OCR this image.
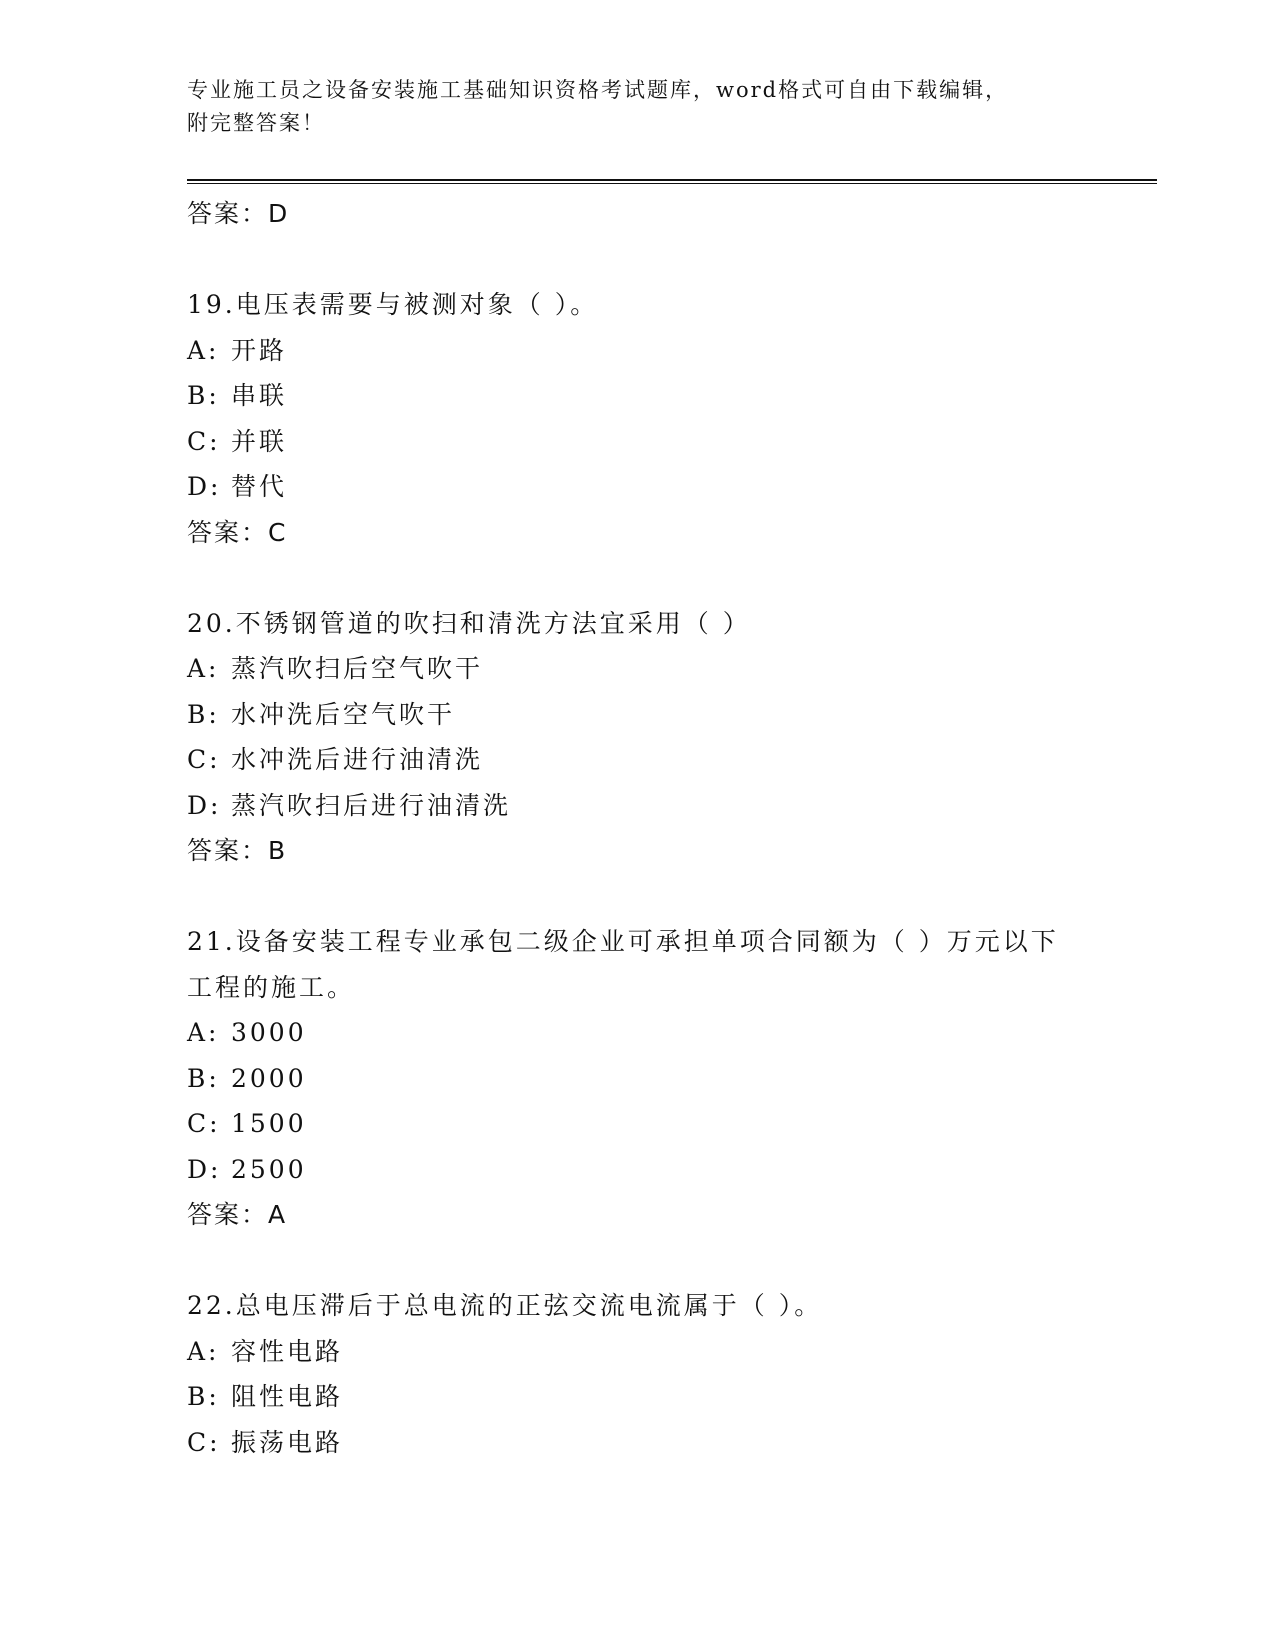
专业施工员之设备安装施工基础知识资格考试题库，word格式可自由下载编辑，
附完整答案！
答案：D
19.电压表需要与被测对象（ ）。
A: 开路
B: 串联
C: 并联
D: 替代
答案：C
20.不锈钢管道的吹扫和清洗方法宜采用（ ）
A: 蒸汽吹扫后空气吹干
B: 水冲洗后空气吹干
C: 水冲洗后进行油清洗
D: 蒸汽吹扫后进行油清洗
答案：B
21.设备安装工程专业承包二级企业可承担单项合同额为（ ）万元以下工程的施工。
A: 3000
B: 2000
C: 1500
D: 2500
答案：A
22.总电压滞后于总电流的正弦交流电流属于（ ）。
A: 容性电路
B: 阻性电路
C: 振荡电路
